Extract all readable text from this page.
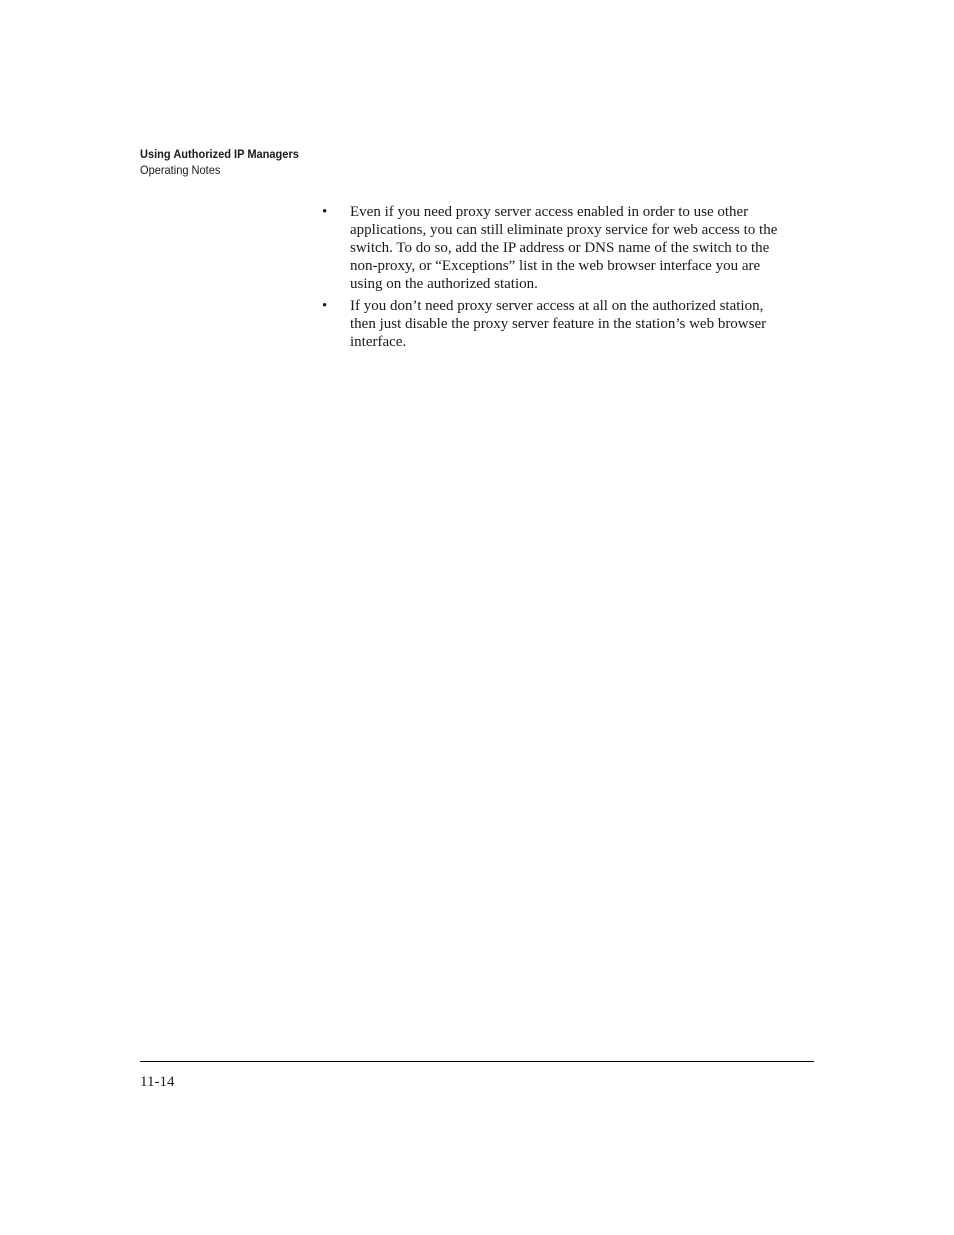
Using Authorized IP Managers
Operating Notes
• Even if you need proxy server access enabled in order to use other applications, you can still eliminate proxy service for web access to the switch. To do so, add the IP address or DNS name of the switch to the non-proxy, or “Exceptions” list in the web browser interface you are using on the authorized station.
• If you don’t need proxy server access at all on the authorized station, then just disable the proxy server feature in the station’s web browser interface.
11-14
